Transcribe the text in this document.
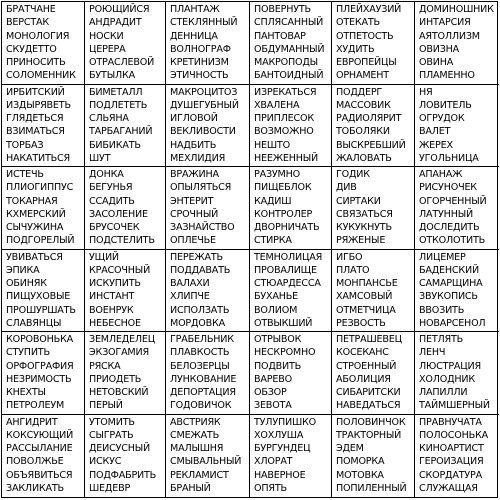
БРАТЧАНЕ
ВЕРСТАК
МОНОЛОГИЯ
СКУДЕТТО
ПРИНОСИТЬ
СОЛОМЕННИК
РОЮЩИЙСЯ
АНДРАДИТ
НОСКИ
ЦЕРЕРА
ОТРАСЛЕВОЙ
БУТЫЛКА
ПЛАНТАЖ
СТЕКЛЯННЫЙ
ДЕННИЦА
ВОЛНОГРАФ
КРЕТИНИЗМ
ЭТИЧНОСТЬ
ПОВЕРНУТЬ
СПЛЯСАННЫЙ
ПАНТОВАР
ОБДУМАННЫЙ
МАКРОПОДЫ
БАНТОИДНЫЙ
ПЛЕЙХАУЗИЙ
ОТЕКАТЬ
ОТПЕТОСТЬ
ХУДИТЬ
ЕВРОПЕЙЦЫ
ОРНАМЕНТ
ДОМИНОШНИК
ИНТАРСИЯ
АЯТОЛЛИЗМ
ОВИЗНА
ОВИНА
ПЛАМЕННО
ИРБИТСКИЙ
ИЗДЫРЯВЕТЬ
ГЛЯДЕТЬСЯ
ВЗИМАТЬСЯ
ТОРБАЗ
НАКАТИТЬСЯ
БИМЕТАЛЛ
ПОДЛЕТЕТЬ
СЛЬЯНА
ТАРБАГАНИЙ
БИБИКАТЬ
ШУТ
МАКРОЦИТОЗ
ДУШЕГУБНЫЙ
ИГЛОВОЙ
ВЕКЛИВОСТИ
НАДБИТЬ
МЕХЛИДИЯ
ИЗРЕКАТЬСЯ
ХВАЛЕНА
ПРИПЛЕСОК
ВОЗМОЖНО
НЕШТО
НЕЕЖЕННЫЙ
ПОДДЕРГ
МАССОВИК
РАДИОЛЯРИТ
ТОБОЛЯКИ
ВЫСКРЕБШИЙ
ЖАЛОВАТЬ
НЯ
ЛОВИТЕЛЬ
ОГРУДОК
ВАЛЕТ
ЖЕРЕХ
УГОЛЬНИЦА
ИСТЕЧЬ
ПЛИОГИППУС
ТОКАРНАЯ
КХМЕРСКИЙ
СЫЧУЖИНА
ПОДГОРЕЛЫЙ
ДОНКА
БЕГУНЬЯ
ССАДИТЬ
ЗАСОЛЕНИЕ
БРУСОЧЕК
ПОДСТЕЛИТЬ
ВРАЖИНА
ОПЫЛЯТЬСЯ
ЭНТЕРИТ
СРОЧНЫЙ
ЗАЗНАЙСТВО
ОПЛЕЧЬЕ
РАЗУМНО
ПИЩЕБЛОК
КАДИШ
КОНТРОЛЕР
ДВОРНИЧАТЬ
СТИРКА
ГОДИК
ДИВ
СИРТАКИ
СВЯЗАТЬСЯ
КУКУКНУТЬ
РЯЖЕНЫЕ
АПАНАЖ
РИСУНОЧЕК
ОГОРЧЕННЫЙ
ЛАТУННЫЙ
ДОСЛЕДИТЬ
ОТКОЛОТИТЬ
УВИВАТЬСЯ
ЭПИКА
ОБИНЯК
ПИЩУХОВЫЕ
ПРОШУРШАТЬ
СЛАВЯНЦЫ
УЩИЙ
КРАСОЧНЫЙ
ИСКУПИТЬ
ИНСТАНТ
ВОЕНРУК
НЕБЕСНОЕ
ПЕРЕЖАТЬ
ПОДДАВАТЬ
ВАЛАХИ
ХЛИПЧЕ
ИСПОЛЗАТЬ
МОРДОВКА
ТЕМНОЛИЦАЯ
ПРОВАЛИЩЕ
СТЮАРДЕССА
БУХАНЬЕ
ВОЛИОМ
ОТВЫКШИЙ
ИГБО
ПЛАТО
МОНПАНСЬЕ
ХАМСОВЫЙ
ОТМЕТЧИЦА
РЕЗВОСТЬ
ЛИЦЕМЕР
БАДЕНСКИЙ
САМАРЩИНА
ЗВУКОПИСЬ
ВВОЗИТЬ
НОВАРСЕНОЛ
КОРОВОНЬКА
СТУПИТЬ
ОРФОГРАФИЯ
НЕЗРИМОСТЬ
КНЕХТЫ
ПЕТРОЛЕУМ
ЗЕМЛЕДЕЛЕЦ
ЭКЗОГАМИЯ
РЯСКА
ПРИОДЕТЬ
НЕТОВСКИЙ
ПЕРЫЙ
ГРАБЕЛЬНИК
ПЛАВКОСТЬ
БЕЛОЗЕРЦЫ
ЛУНКОВАНИЕ
ДЕПОРТАЦИЯ
ГОДОВИЧОК
ОТРЫВОК
НЕСКРОМНО
ПОДВИТЬ
ВАРЕВО
ОБЗОР
ЗЕВОТА
ПЕТРАШЕВЕЦ
КОСЕКАНС
СТРОЕННЫЙ
АБОЛИЦИЯ
СИБАРИТСКИ
НАВЕДАТЬСЯ
ПЕТЛЯТЬ
ЛЕНЧ
ЛЮСТРАЦИЯ
ХОЛОДНИК
ЛАПИЛЛИ
ТАЙМШЕРНЫЙ
АНГИДРИТ
КОКСУЮЩИЙ
РАССЫЛАНИЕ
ПОВОЛЖЬЕ
ОБЪЯВИТЬСЯ
ЗАКЛИКАТЬ
УТОМИТЬ
СЫГРАТЬ
ДЕИСУСНЫЙ
ИСКУС
ПОДФАБРИТЬ
ШЕДЕВР
АВСТРИЯК
СМЕЖАТЬ
МАЛЫШНЯ
СМЫВАЛЬНЫЙ
РЕКЛАМИСТ
БРАНЫЙ
ТУЛУПИШКО
ХОХЛУША
БУРГУНДЕЦ
ХЛОРАТ
НАВЕРНОЕ
ОПЯТЬ
ПОЛОВИНЧОК
ТРАКТОРНЫЙ
ЭДЕМ
ПОМОРКА
МОТОВКА
ПОПИЛЕННЫЙ
ПРАВНУЧАТА
ПОЛОСОНЬКА
КИНОАРТИСТ
ГЕРОИЗАЦИЯ
СКОРДАТУРА
СЛУЖАЩАЯ
